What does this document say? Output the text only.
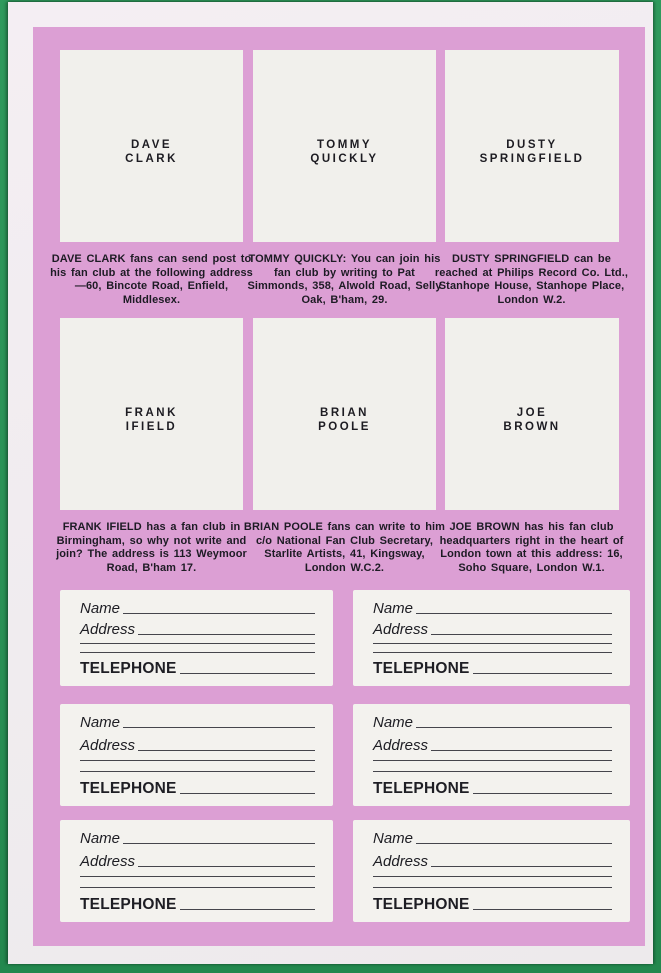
DAVE
CLARK
TOMMY
QUICKLY
DUSTY
SPRINGFIELD
DAVE CLARK fans can send post to his fan club at the following address—60, Bincote Road, Enfield, Middlesex.
TOMMY QUICKLY: You can join his fan club by writing to Pat Simmonds, 358, Alwold Road, Selly Oak, B'ham, 29.
DUSTY SPRINGFIELD can be reached at Philips Record Co. Ltd., Stanhope House, Stanhope Place, London W.2.
FRANK
IFIELD
BRIAN
POOLE
JOE
BROWN
FRANK IFIELD has a fan club in Birmingham, so why not write and join? The address is 113 Weymoor Road, B'ham 17.
BRIAN POOLE fans can write to him c/o National Fan Club Secretary, Starlite Artists, 41, Kingsway, London W.C.2.
JOE BROWN has his fan club headquarters right in the heart of London town at this address: 16, Soho Square, London W.1.
Name
Address
TELEPHONE
Name
Address
TELEPHONE
Name
Address
TELEPHONE
Name
Address
TELEPHONE
Name
Address
TELEPHONE
Name
Address
TELEPHONE
